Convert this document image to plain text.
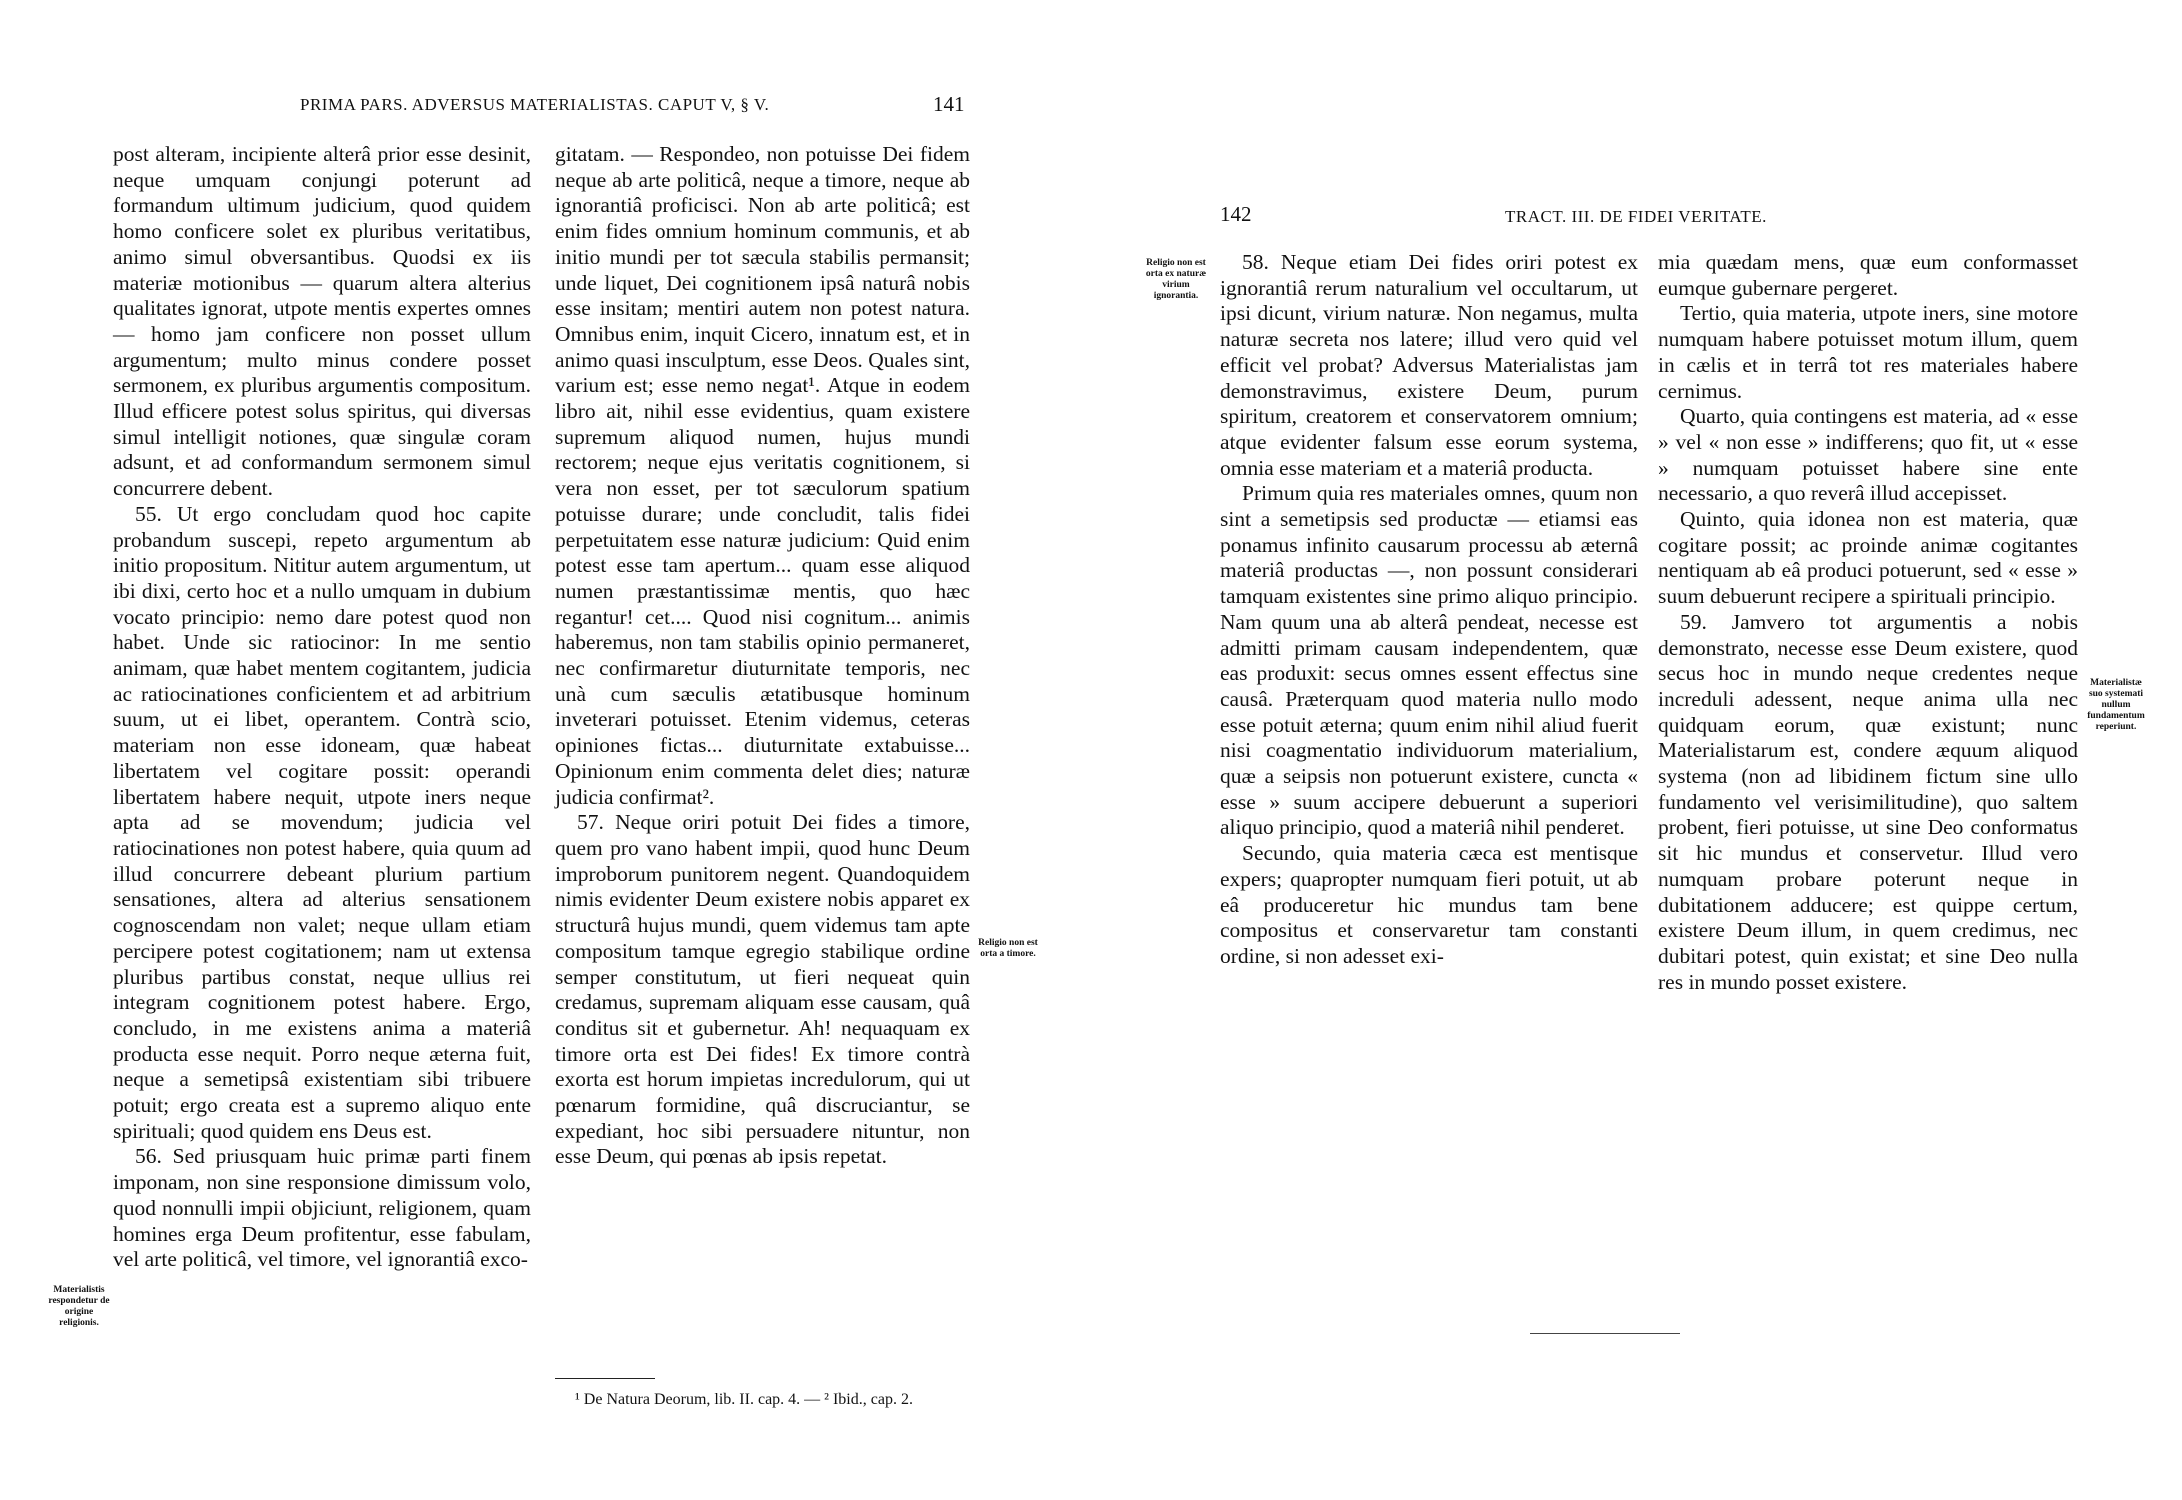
PRIMA PARS. ADVERSUS MATERIALISTAS. CAPUT V, § V.	141

post alteram, incipiente alterâ prior esse desinit, neque umquam conjungi poterunt ad formandum ultimum judicium, quod quidem homo conficere solet ex pluribus veritatibus, animo simul obversantibus. Quodsi ex iis materiæ motionibus — quarum altera alterius qualitates ignorat, utpote mentis expertes omnes — homo jam conficere non posset ullum argumentum; multo minus condere posset sermonem, ex pluribus argumentis compositum. Illud efficere potest solus spiritus, qui diversas simul intelligit notiones, quæ singulæ coram adsunt, et ad conformandum sermonem simul concurrere debent.

55. Ut ergo concludam quod hoc capite probandum suscepi, repeto argumentum ab initio propositum. Nititur autem argumentum, ut ibi dixi, certo hoc et a nullo umquam in dubium vocato principio: nemo dare potest quod non habet. Unde sic ratiocinor: In me sentio animam, quæ habet mentem cogitantem, judicia ac ratiocinationes conficientem et ad arbitrium suum, ut ei libet, operantem. Contrà scio, materiam non esse idoneam, quæ habeat libertatem vel cogitare possit: operandi libertatem habere nequit, utpote iners neque apta ad se movendum; judicia vel ratiocinationes non potest habere, quia quum ad illud concurrere debeant plurium partium sensationes, altera ad alterius sensationem cognoscendam non valet; neque ullam etiam percipere potest cogitationem; nam ut extensa pluribus partibus constat, neque ullius rei integram cognitionem potest habere. Ergo, concludo, in me existens anima a materiâ producta esse nequit. Porro neque æterna fuit, neque a semetipsâ existentiam sibi tribuere potuit; ergo creata est a supremo aliquo ente spirituali; quod quidem ens Deus est.

56. Sed priusquam huic primæ parti finem imponam, non sine responsione dimissum volo, quod nonnulli impii objiciunt, religionem, quam homines erga Deum profitentur, esse fabulam, vel arte politicâ, vel timore, vel ignorantiâ exco-

gitatam. — Respondeo, non potuisse Dei fidem neque ab arte politicâ, neque a timore, neque ab ignorantiâ proficisci. Non ab arte politicâ; est enim fides omnium hominum communis, et ab initio mundi per tot sæcula stabilis permansit; unde liquet, Dei cognitionem ipsâ naturâ nobis esse insitam; mentiri autem non potest natura. Omnibus enim, inquit Cicero, innatum est, et in animo quasi insculptum, esse Deos. Quales sint, varium est; esse nemo negat¹. Atque in eodem libro ait, nihil esse evidentius, quam existere supremum aliquod numen, hujus mundi rectorem; neque ejus veritatis cognitionem, si vera non esset, per tot sæculorum spatium potuisse durare; unde concludit, talis fidei perpetuitatem esse naturæ judicium: Quid enim potest esse tam apertum... quam esse aliquod numen præstantissimæ mentis, quo hæc regantur! cet.... Quod nisi cognitum... animis haberemus, non tam stabilis opinio permaneret, nec confirmaretur diuturnitate temporis, nec unà cum sæculis ætatibusque hominum inveterari potuisset. Etenim videmus, ceteras opiniones fictas... diuturnitate extabuisse... Opinionum enim commenta delet dies; naturæ judicia confirmat².

57. Neque oriri potuit Dei fides a timore, quem pro vano habent impii, quod hunc Deum improborum punitorem negent. Quandoquidem nimis evidenter Deum existere nobis apparet ex structurâ hujus mundi, quem videmus tam apte compositum tamque egregio stabilique ordine semper constitutum, ut fieri nequeat quin credamus, supremam aliquam esse causam, quâ conditus sit et gubernetur. Ah! nequaquam ex timore orta est Dei fides! Ex timore contrà exorta est horum impietas incredulorum, qui ut pœnarum formidine, quâ discruciantur, se expediant, hoc sibi persuadere nituntur, non esse Deum, qui pœnas ab ipsis repetat.

Materialistis respondetur de origine religionis.
Religio non est orta a timore.
¹ De Natura Deorum, lib. II. cap. 4. — ² Ibid., cap. 2.
142	TRACT. III. DE FIDEI VERITATE.
Religio non est orta ex naturæ virium ignorantia.

58. Neque etiam Dei fides oriri potest ex ignorantiâ rerum naturalium vel occultarum, ut ipsi dicunt, virium naturæ. Non negamus, multa naturæ secreta nos latere; illud vero quid vel efficit vel probat? Adversus Materialistas jam demonstravimus, existere Deum, purum spiritum, creatorem et conservatorem omnium; atque evidenter falsum esse eorum systema, omnia esse materiam et a materiâ producta.

Primum quia res materiales omnes, quum non sint a semetipsis sed productæ — etiamsi eas ponamus infinito causarum processu ab æternâ materiâ productas —, non possunt considerari tamquam existentes sine primo aliquo principio. Nam quum una ab alterâ pendeat, necesse est admitti primam causam independentem, quæ eas produxit: secus omnes essent effectus sine causâ. Præterquam quod materia nullo modo esse potuit æterna; quum enim nihil aliud fuerit nisi coagmentatio individuorum materialium, quæ a seipsis non potuerunt existere, cuncta « esse » suum accipere debuerunt a superiori aliquo principio, quod a materiâ nihil penderet.

Secundo, quia materia cæca est mentisque expers; quapropter numquam fieri potuit, ut ab eâ produceretur hic mundus tam bene compositus et conservaretur tam constanti ordine, si non adesset exi-

mia quædam mens, quæ eum conformasset eumque gubernare pergeret.

Tertio, quia materia, utpote iners, sine motore numquam habere potuisset motum illum, quem in cælis et in terrâ tot res materiales habere cernimus.

Quarto, quia contingens est materia, ad « esse » vel « non esse » indifferens; quo fit, ut « esse » numquam potuisset habere sine ente necessario, a quo reverâ illud accepisset.

Quinto, quia idonea non est materia, quæ cogitare possit; ac proinde animæ cogitantes nentiquam ab eâ produci potuerunt, sed « esse » suum debuerunt recipere a spirituali principio.

59. Jamvero tot argumentis a nobis demonstrato, necesse esse Deum existere, quod secus hoc in mundo neque credentes neque increduli adessent, neque anima ulla nec quidquam eorum, quæ existunt; nunc Materialistarum est, condere æquum aliquod systema (non ad libidinem fictum sine ullo fundamento vel verisimilitudine), quo saltem probent, fieri potuisse, ut sine Deo conformatus sit hic mundus et conservetur. Illud vero numquam probare poterunt neque in dubitationem adducere; est quippe certum, existere Deum illum, in quem credimus, nec dubitari potest, quin existat; et sine Deo nulla res in mundo posset existere.

Materialistæ suo systemati nullum fundamentum reperiunt.
